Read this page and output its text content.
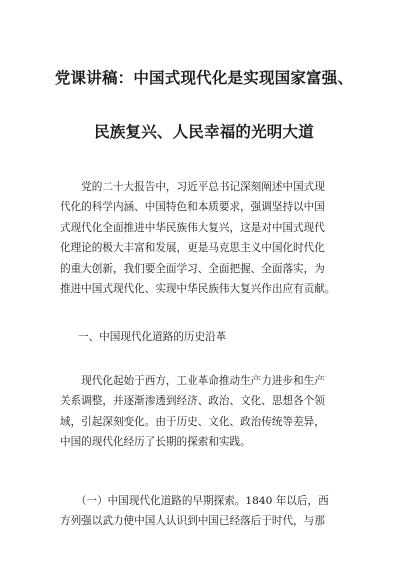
党课讲稿：中国式现代化是实现国家富强、
民族复兴、人民幸福的光明大道
　　党的二十大报告中，习近平总书记深刻阐述中国式现
代化的科学内涵、中国特色和本质要求，强调坚持以中国
式现代化全面推进中华民族伟大复兴，这是对中国式现代
化理论的极大丰富和发展，更是马克思主义中国化时代化
的重大创新，我们要全面学习、全面把握、全面落实，为
推进中国式现代化、实现中华民族伟大复兴作出应有贡献。
一、中国现代化道路的历史沿革
　　现代化起始于西方，工业革命推动生产力进步和生产
关系调整，并逐渐渗透到经济、政治、文化、思想各个领
域，引起深刻变化。由于历史、文化、政治传统等差异，
中国的现代化经历了长期的探索和实践。
　　（一）中国现代化道路的早期探索。1840 年以后，西
方列强以武力使中国人认识到中国已经落后于时代，与那
